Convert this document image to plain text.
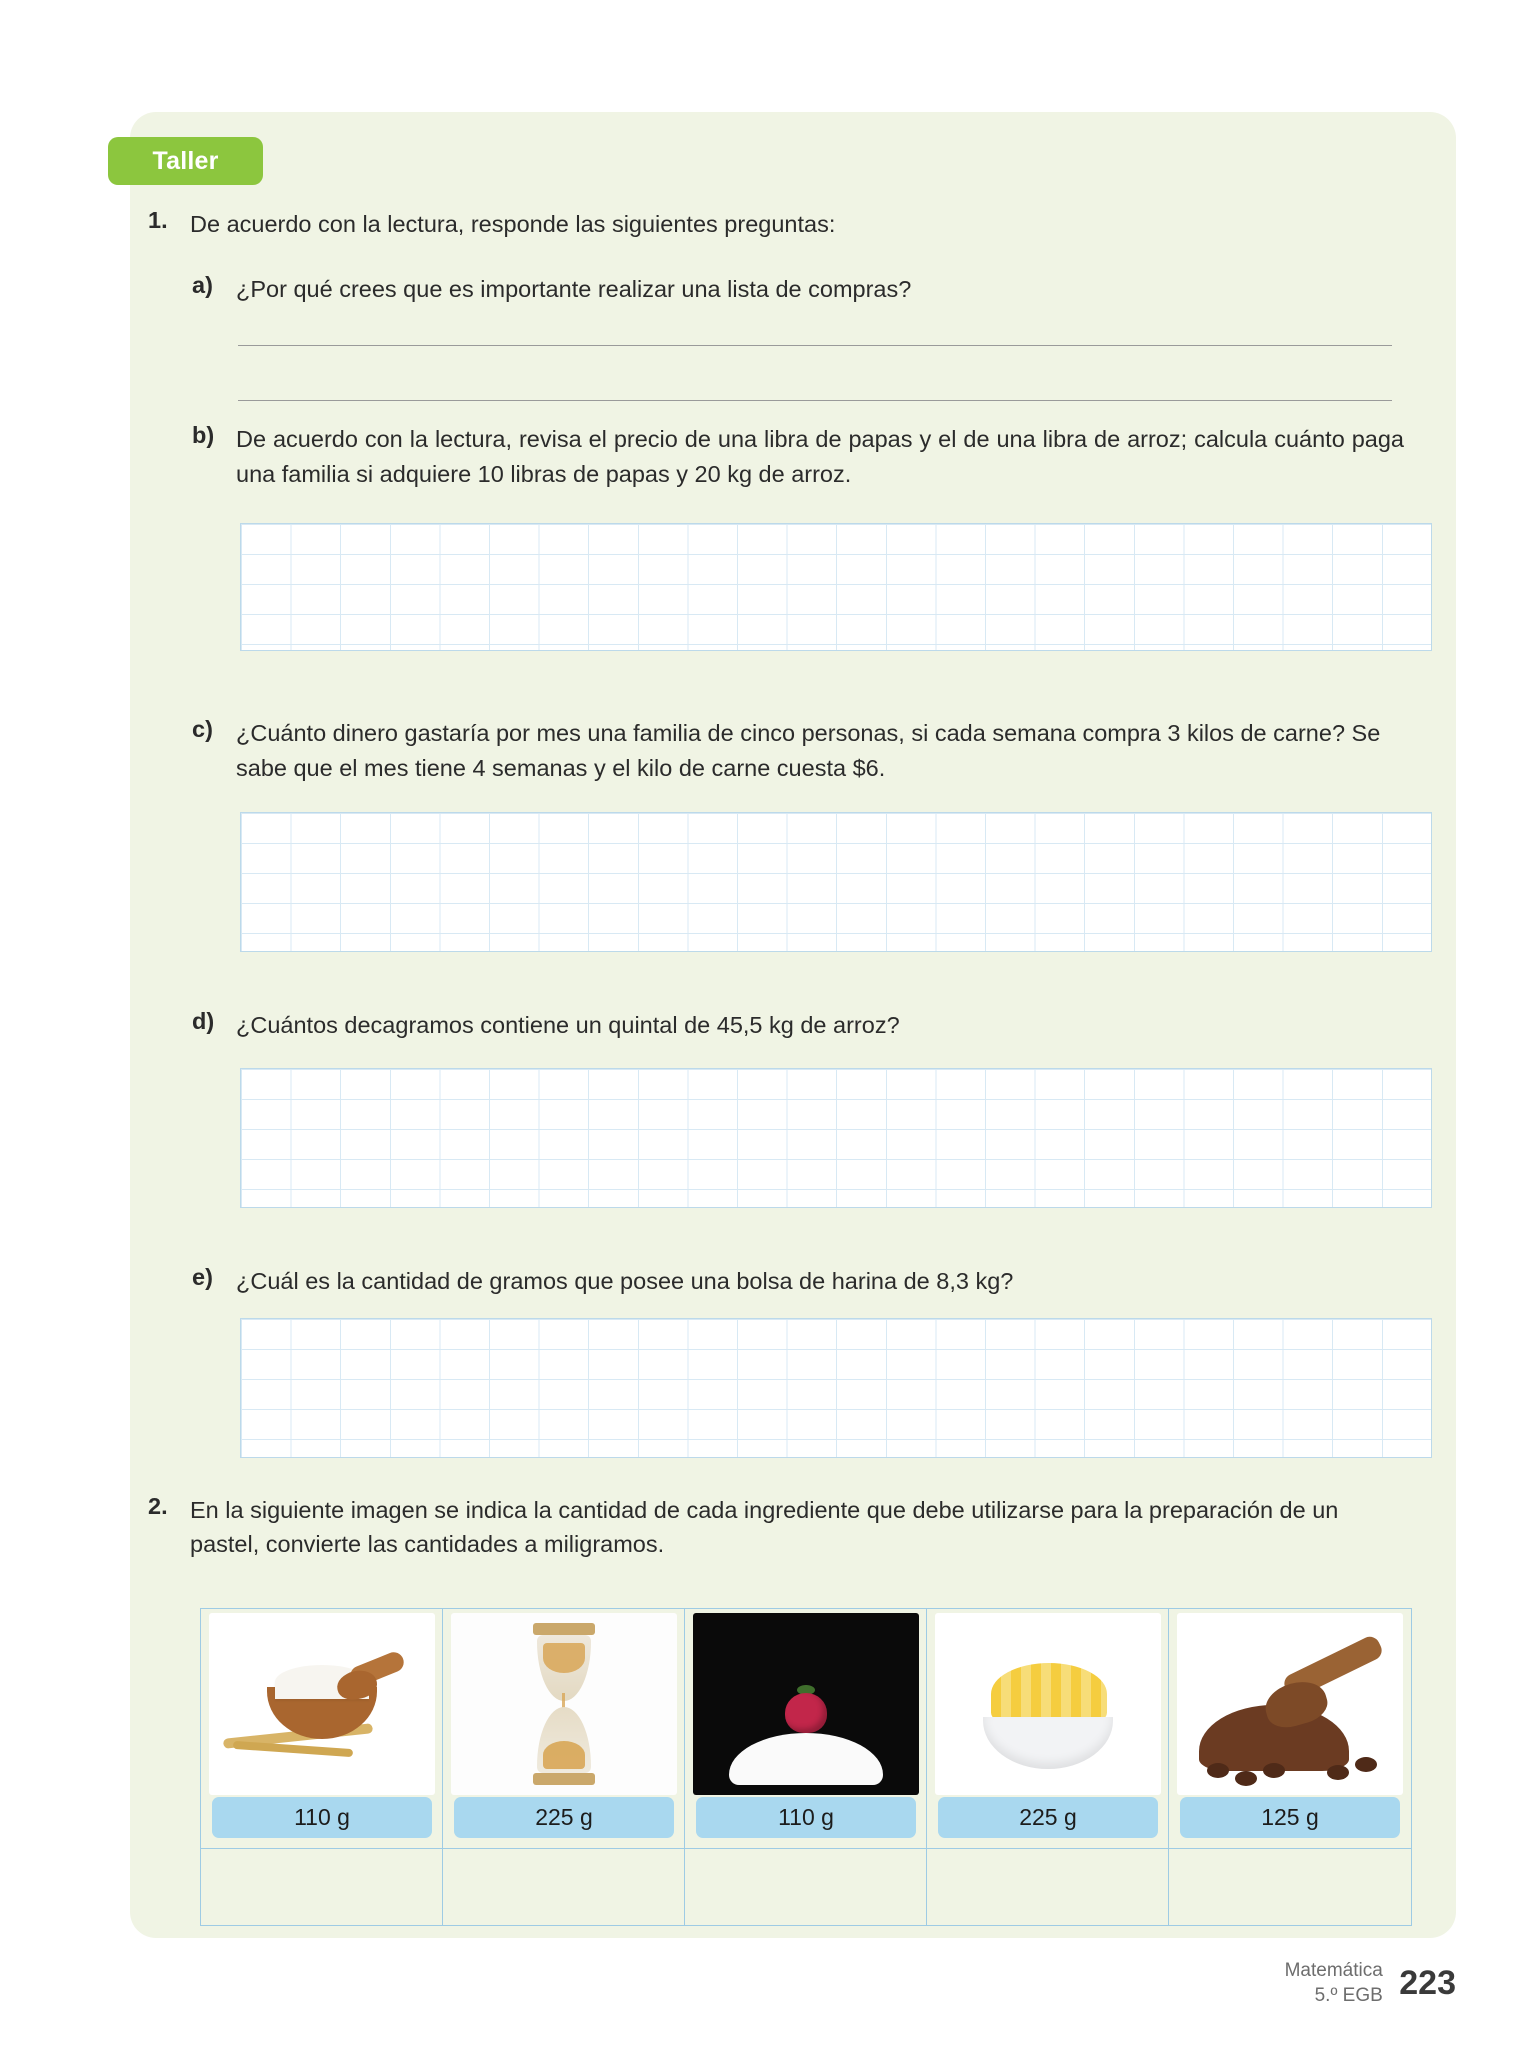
Taller
1. De acuerdo con la lectura, responde las siguientes preguntas:
a) ¿Por qué crees que es importante realizar una lista de compras?
b) De acuerdo con la lectura, revisa el precio de una libra de papas y el de una libra de arroz; calcula cuánto paga una familia si adquiere 10 libras de papas y 20 kg de arroz.
c) ¿Cuánto dinero gastaría por mes una familia de cinco personas, si cada semana compra 3 kilos de carne? Se sabe que el mes tiene 4 semanas y el kilo de carne cuesta $6.
d) ¿Cuántos decagramos contiene un quintal de 45,5 kg de arroz?
e) ¿Cuál es la cantidad de gramos que posee una bolsa de harina de 8,3 kg?
2. En la siguiente imagen se indica la cantidad de cada ingrediente que debe utilizarse para la preparación de un pastel, convierte las cantidades a miligramos.
110 g	225 g	110 g	225 g	125 g
Matemática
5.º EGB 223
